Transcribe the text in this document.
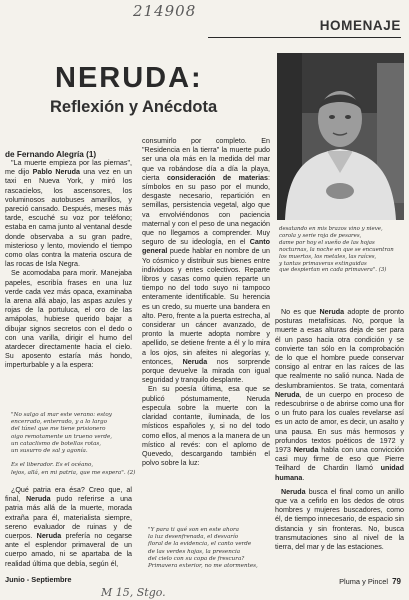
214908
HOMENAJE
NERUDA:
Reflexión y Anécdota
desatando en mis brazos vino y nieve,
corola y serie roja de pesares,
dame por hoy el sueño de las hojas
nocturnas, la noche en que se encuentran
los muertos, los metales, las raíces,
y tantas primaveras extinguidas
que despiertan en cada primavera". (3)
de Fernando Alegría (1)

"La muerte empieza por las piernas", me dijo Pablo Neruda una vez en un taxi en Nueva York, y miró los rascacielos, los ascensores, los voluminosos autobuses amarillos, y pareció cansado. Después, meses más tarde, escuché su voz por teléfono; estaba en cama junto al ventanal desde donde observaba a su gran padre, misterioso y lento, moviendo el tiempo como olas contra la materia oscura de las rocas de Isla Negra.

Se acomodaba para morir. Manejaba papeles, escribía frases en una luz verde cada vez más opaca, examinaba la arena allá abajo, las aspas azules y rojas de la portuluca, el oro de las amápolas, hubiese querido bajar a dibujar signos secretos con el dedo o con una varilla, dirigir el humo del atardecer directamente hacia el cielo. Su aposento estaría más hondo, imperturbable y a la espera:

"No salgo al mar este verano: estoy
encerrado, enterrado, y a lo largo
del túnel que me tiene prisionero
oigo remotamente un trueno verde,
un cataclismo de botellas rotas,
un susurro de sal y agonía.

Es el liberador. Es el océano,
lejos, allá, en mi patria, que me espera". (2)

¿Qué patria era ésa? Creo que, al final, Neruda pudo referirse a una patria más allá de la muerte, morada extraña para él, materialista siempre, sereno evaluador de ruinas y de cuerpos. Neruda prefería no cegarse ante el esplendor primaveral de un cuerpo amado, ni se apartaba de la realidad última que debía, según él,

consumirlo por completo. En "Residencia en la tierra" la muerte pudo ser una ola más en la medida del mar que va robándose día a día la playa, cierta consideración de materias: símbolos en su paso por el mundo, desgaste necesario, repartición en semillas, persistencia vegetal, algo que va envolviéndonos con paciencia maternal y con el peso de una negación que no llegamos a comprender. Muy seguro de su ideología, en el Canto general puede hablar en nombre de un Yo cósmico y distribuir sus bienes entre individuos y entes colectivos. Reparte libros y casas como quien reparte un tiempo no del todo suyo ni tampoco enteramente identificable. Su herencia es un credo, su muerte una bandera en alto. Pero, frente a la puerta estrecha, al considerar un cáncer avanzado, de pronto la muerte adopta nombre y apellido, se detiene frente a él y lo mira a los ojos, sin afeites ni alegorías y, entonces, Neruda nos sorprende porque devuelve la mirada con igual seguridad y tranquilo desplante.

En su poesía última, esa que se publicó póstumamente, Neruda especula sobre la muerte con la claridad contante, iluminada, de los místicos españoles y, si no del todo como ellos, al menos a la manera de un místico al revés: con el aplomo de Quevedo, descargando también el polvo sobre la luz:

"Y para ti qué son en este ahora
la luz desenfrenada, el desvarío
floral de la evidencia, el canto verde
de las verdes hojas, la presencia
del cielo con su copa de frescura?
Primavera exterior, no me atormentes,

No es que Neruda adopte de pronto posturas metafísicas. No, porque la muerte a esas alturas deja de ser para él un paso hacia otra condición y se convierte tan sólo en la comprobación de lo que el hombre puede conservar consigo al entrar en las raíces de las que realmente no salió nunca. Nada de deslumbramientos. Se trata, comentará Neruda, de un cuerpo en proceso de redescubrirse o de abrirse como una flor o un fruto para los cuales revelarse así es un acto de amor, es decir, un asalto y una pausa. En sus más hermosos y profundos textos poéticos de 1972 y 1973 Neruda habla con una convicción casi muy firme de eso que Pierre Teilhard de Chardin llamó unidad humana.

Neruda busca el final como un anillo que va a cefirlo en los dedos de otros hombres y mujeres buscadores, como él, de tiempo innecesario, de espacio sin distancia y sin fronteras. No, busca transmutaciones sino al nivel de la tierra, del mar y de las estaciones.

Junio - Septiembre
M 15, Stgo.
Pluma y Pincel 79
